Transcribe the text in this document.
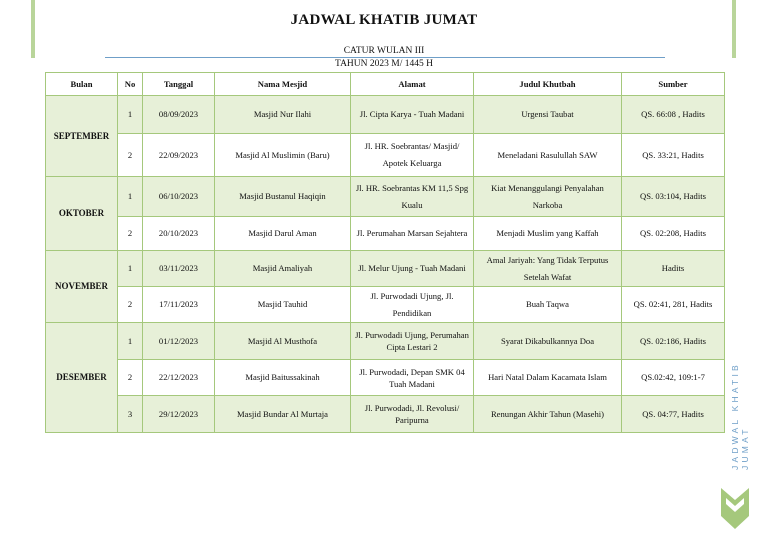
JADWAL KHATIB JUMAT
CATUR WULAN III
TAHUN 2023 M/ 1445 H
Bulan	No	Tanggal	Nama Mesjid	Alamat	Judul Khutbah	Sumber
SEPTEMBER	1	08/09/2023	Masjid Nur Ilahi	Jl. Cipta Karya - Tuah Madani	Urgensi Taubat	QS. 66:08 , Hadits
	2	22/09/2023	Masjid Al Muslimin (Baru)	Jl. HR. Soebrantas/ Masjid/ Apotek Keluarga	Meneladani Rasulullah SAW	QS. 33:21, Hadits
OKTOBER	1	06/10/2023	Masjid Bustanul Haqiqin	Jl. HR. Soebrantas KM 11,5 Spg Kualu	Kiat Menanggulangi Penyalahan Narkoba	QS. 03:104, Hadits
	2	20/10/2023	Masjid Darul Aman	Jl. Perumahan Marsan Sejahtera	Menjadi Muslim yang Kaffah	QS. 02:208, Hadits
NOVEMBER	1	03/11/2023	Masjid Amaliyah	Jl. Melur Ujung - Tuah Madani	Amal Jariyah: Yang Tidak Terputus Setelah Wafat	Hadits
	2	17/11/2023	Masjid Tauhid	Jl. Purwodadi Ujung, Jl. Pendidikan	Buah Taqwa	QS. 02:41, 281, Hadits
DESEMBER	1	01/12/2023	Masjid Al Musthofa	Jl. Purwodadi Ujung, Perumahan Cipta Lestari 2	Syarat Dikabulkannya Doa	QS. 02:186, Hadits
	2	22/12/2023	Masjid Baitussakinah	Jl. Purwodadi, Depan SMK 04 Tuah Madani	Hari Natal Dalam Kacamata Islam	QS.02:42, 109:1-7
	3	29/12/2023	Masjid Bundar Al Murtaja	Jl. Purwodadi, Jl. Revolusi/ Paripurna	Renungan Akhir Tahun (Masehi)	QS. 04:77, Hadits	JADWAL KHATIB JUMAT
